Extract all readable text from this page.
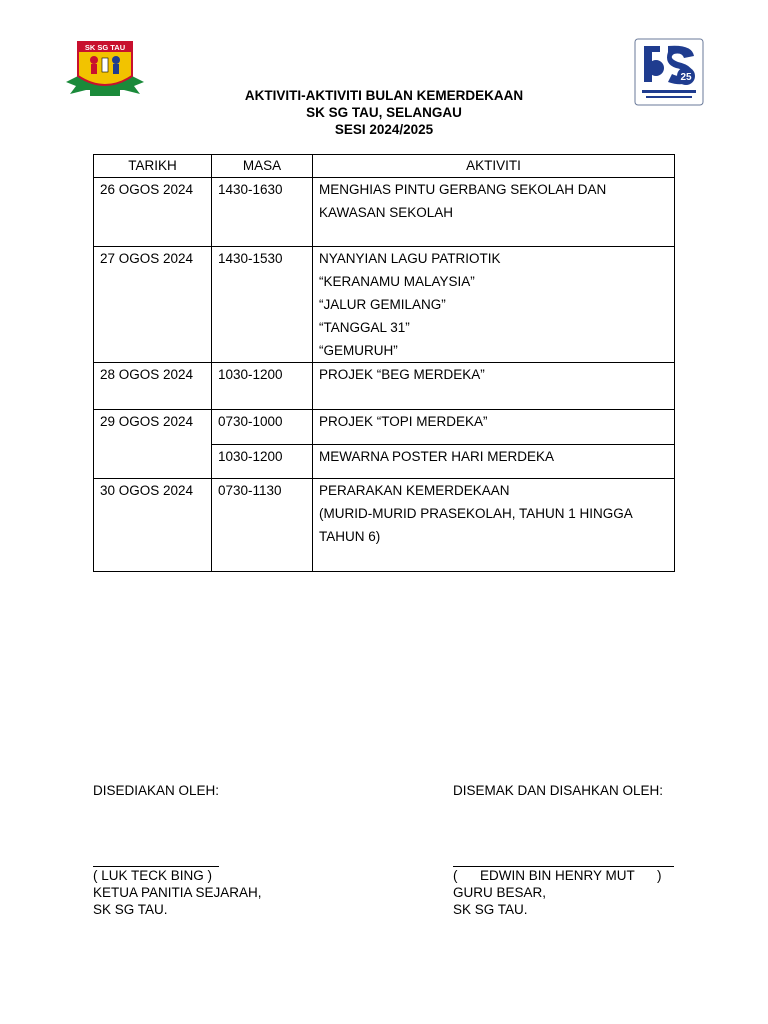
SK SG TAU
25
AKTIVITI-AKTIVITI BULAN KEMERDEKAAN
SK SG TAU, SELANGAU
SESI 2024/2025
TARIKH	MASA	AKTIVITI
26 OGOS 2024	1430-1630	MENGHIAS PINTU GERBANG SEKOLAH DAN
KAWASAN SEKOLAH

27 OGOS 2024	1430-1530	NYANYIAN LAGU PATRIOTIK
“KERANAMU MALAYSIA”
“JALUR GEMILANG”
“TANGGAL 31”
“GEMURUH”

28 OGOS 2024	1030-1200	PROJEK “BEG MERDEKA”

29 OGOS 2024	0730-1000	PROJEK “TOPI MERDEKA”

	1030-1200	MEWARNA POSTER HARI MERDEKA

30 OGOS 2024	0730-1130	PERARAKAN KEMERDEKAAN
(MURID-MURID PRASEKOLAH, TAHUN 1 HINGGA
TAHUN 6)
DISEDIAKAN OLEH:	DISEMAK DAN DISAHKAN OLEH:
( LUK TECK BING )
KETUA PANITIA SEJARAH,
SK SG TAU.
(      EDWIN BIN HENRY MUT      )
GURU BESAR,
SK SG TAU.
